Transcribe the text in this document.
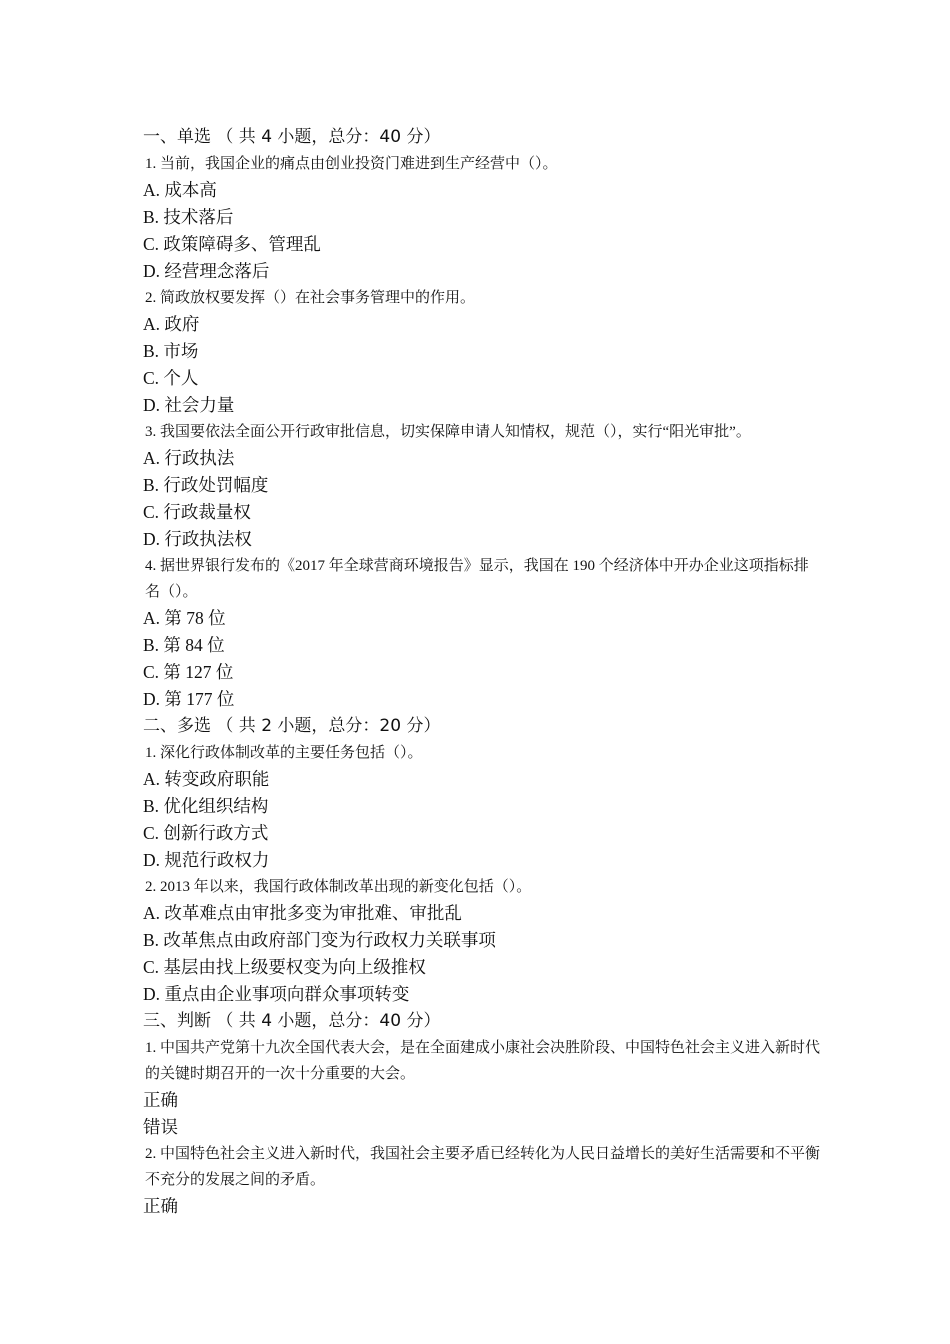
一、单选 （ 共 4 小题，总分：40 分）
1. 当前，我国企业的痛点由创业投资门难进到生产经营中（）。
A. 成本高
B. 技术落后
C. 政策障碍多、管理乱
D. 经营理念落后
2. 简政放权要发挥（）在社会事务管理中的作用。
A. 政府
B. 市场
C. 个人
D. 社会力量
3. 我国要依法全面公开行政审批信息，切实保障申请人知情权，规范（），实行“阳光审批”。
A. 行政执法
B. 行政处罚幅度
C. 行政裁量权
D. 行政执法权
4. 据世界银行发布的《2017 年全球营商环境报告》显示，我国在 190 个经济体中开办企业这项指标排名（）。
A. 第 78 位
B. 第 84 位
C. 第 127 位
D. 第 177 位
二、多选 （ 共 2 小题，总分：20 分）
1. 深化行政体制改革的主要任务包括（）。
A. 转变政府职能
B. 优化组织结构
C. 创新行政方式
D. 规范行政权力
2. 2013 年以来，我国行政体制改革出现的新变化包括（）。
A. 改革难点由审批多变为审批难、审批乱
B. 改革焦点由政府部门变为行政权力关联事项
C. 基层由找上级要权变为向上级推权
D. 重点由企业事项向群众事项转变
三、判断 （ 共 4 小题，总分：40 分）
1. 中国共产党第十九次全国代表大会，是在全面建成小康社会决胜阶段、中国特色社会主义进入新时代的关键时期召开的一次十分重要的大会。
正确
错误
2. 中国特色社会主义进入新时代，我国社会主要矛盾已经转化为人民日益增长的美好生活需要和不平衡不充分的发展之间的矛盾。
正确
